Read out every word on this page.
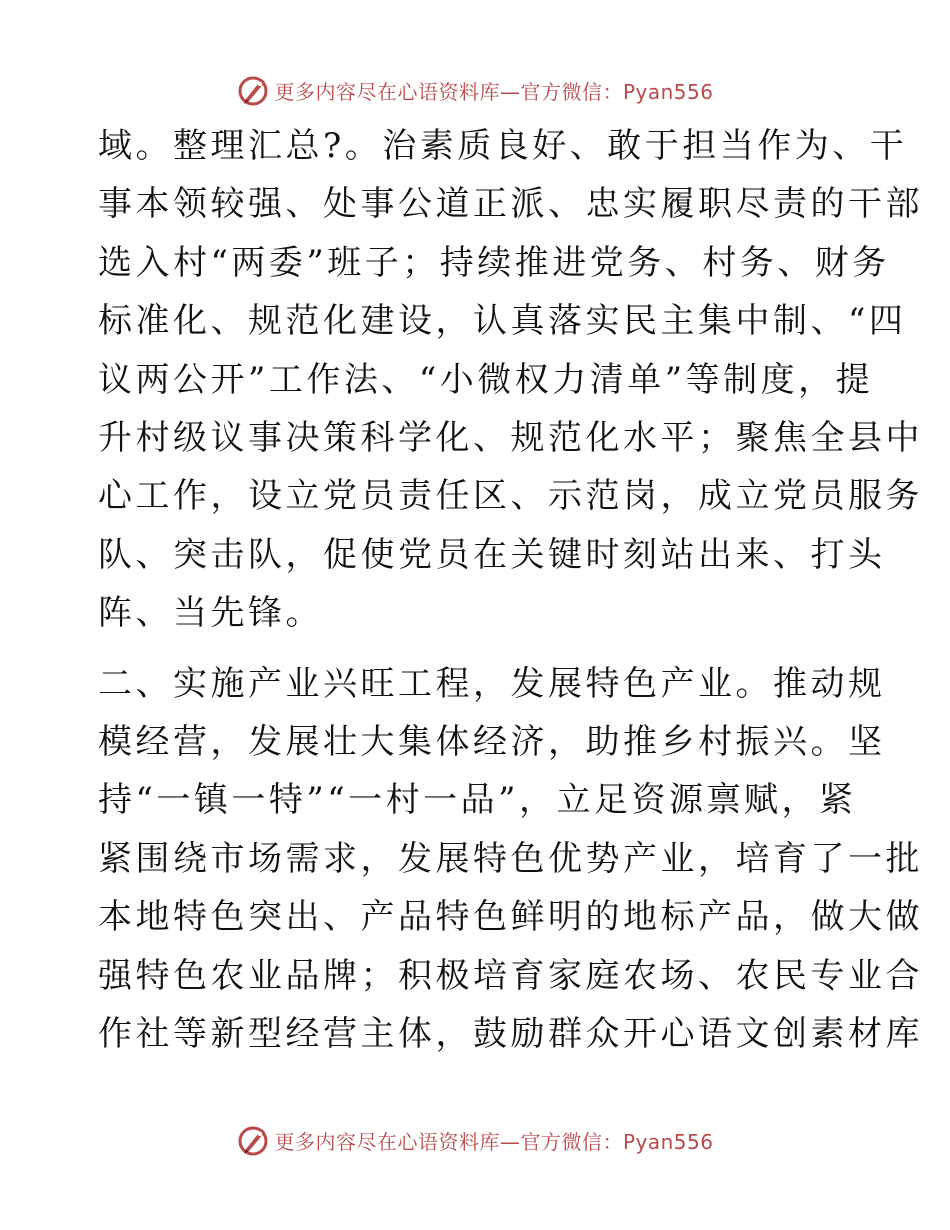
更多内容尽在心语资料库—官方微信：Pyan556

域。整理汇总?。治素质良好、敢于担当作为、干
事本领较强、处事公道正派、忠实履职尽责的干部
选入村“两委”班子；持续推进党务、村务、财务
标准化、规范化建设，认真落实民主集中制、“四
议两公开”工作法、“小微权力清单”等制度，提
升村级议事决策科学化、规范化水平；聚焦全县中
心工作，设立党员责任区、示范岗，成立党员服务
队、突击队，促使党员在关键时刻站出来、打头
阵、当先锋。

二、实施产业兴旺工程，发展特色产业。推动规
模经营，发展壮大集体经济，助推乡村振兴。坚
持“一镇一特”“一村一品”，立足资源禀赋，紧
紧围绕市场需求，发展特色优势产业，培育了一批
本地特色突出、产品特色鲜明的地标产品，做大做
强特色农业品牌；积极培育家庭农场、农民专业合
作社等新型经营主体，鼓励群众开心语文创素材库

更多内容尽在心语资料库—官方微信：Pyan556
